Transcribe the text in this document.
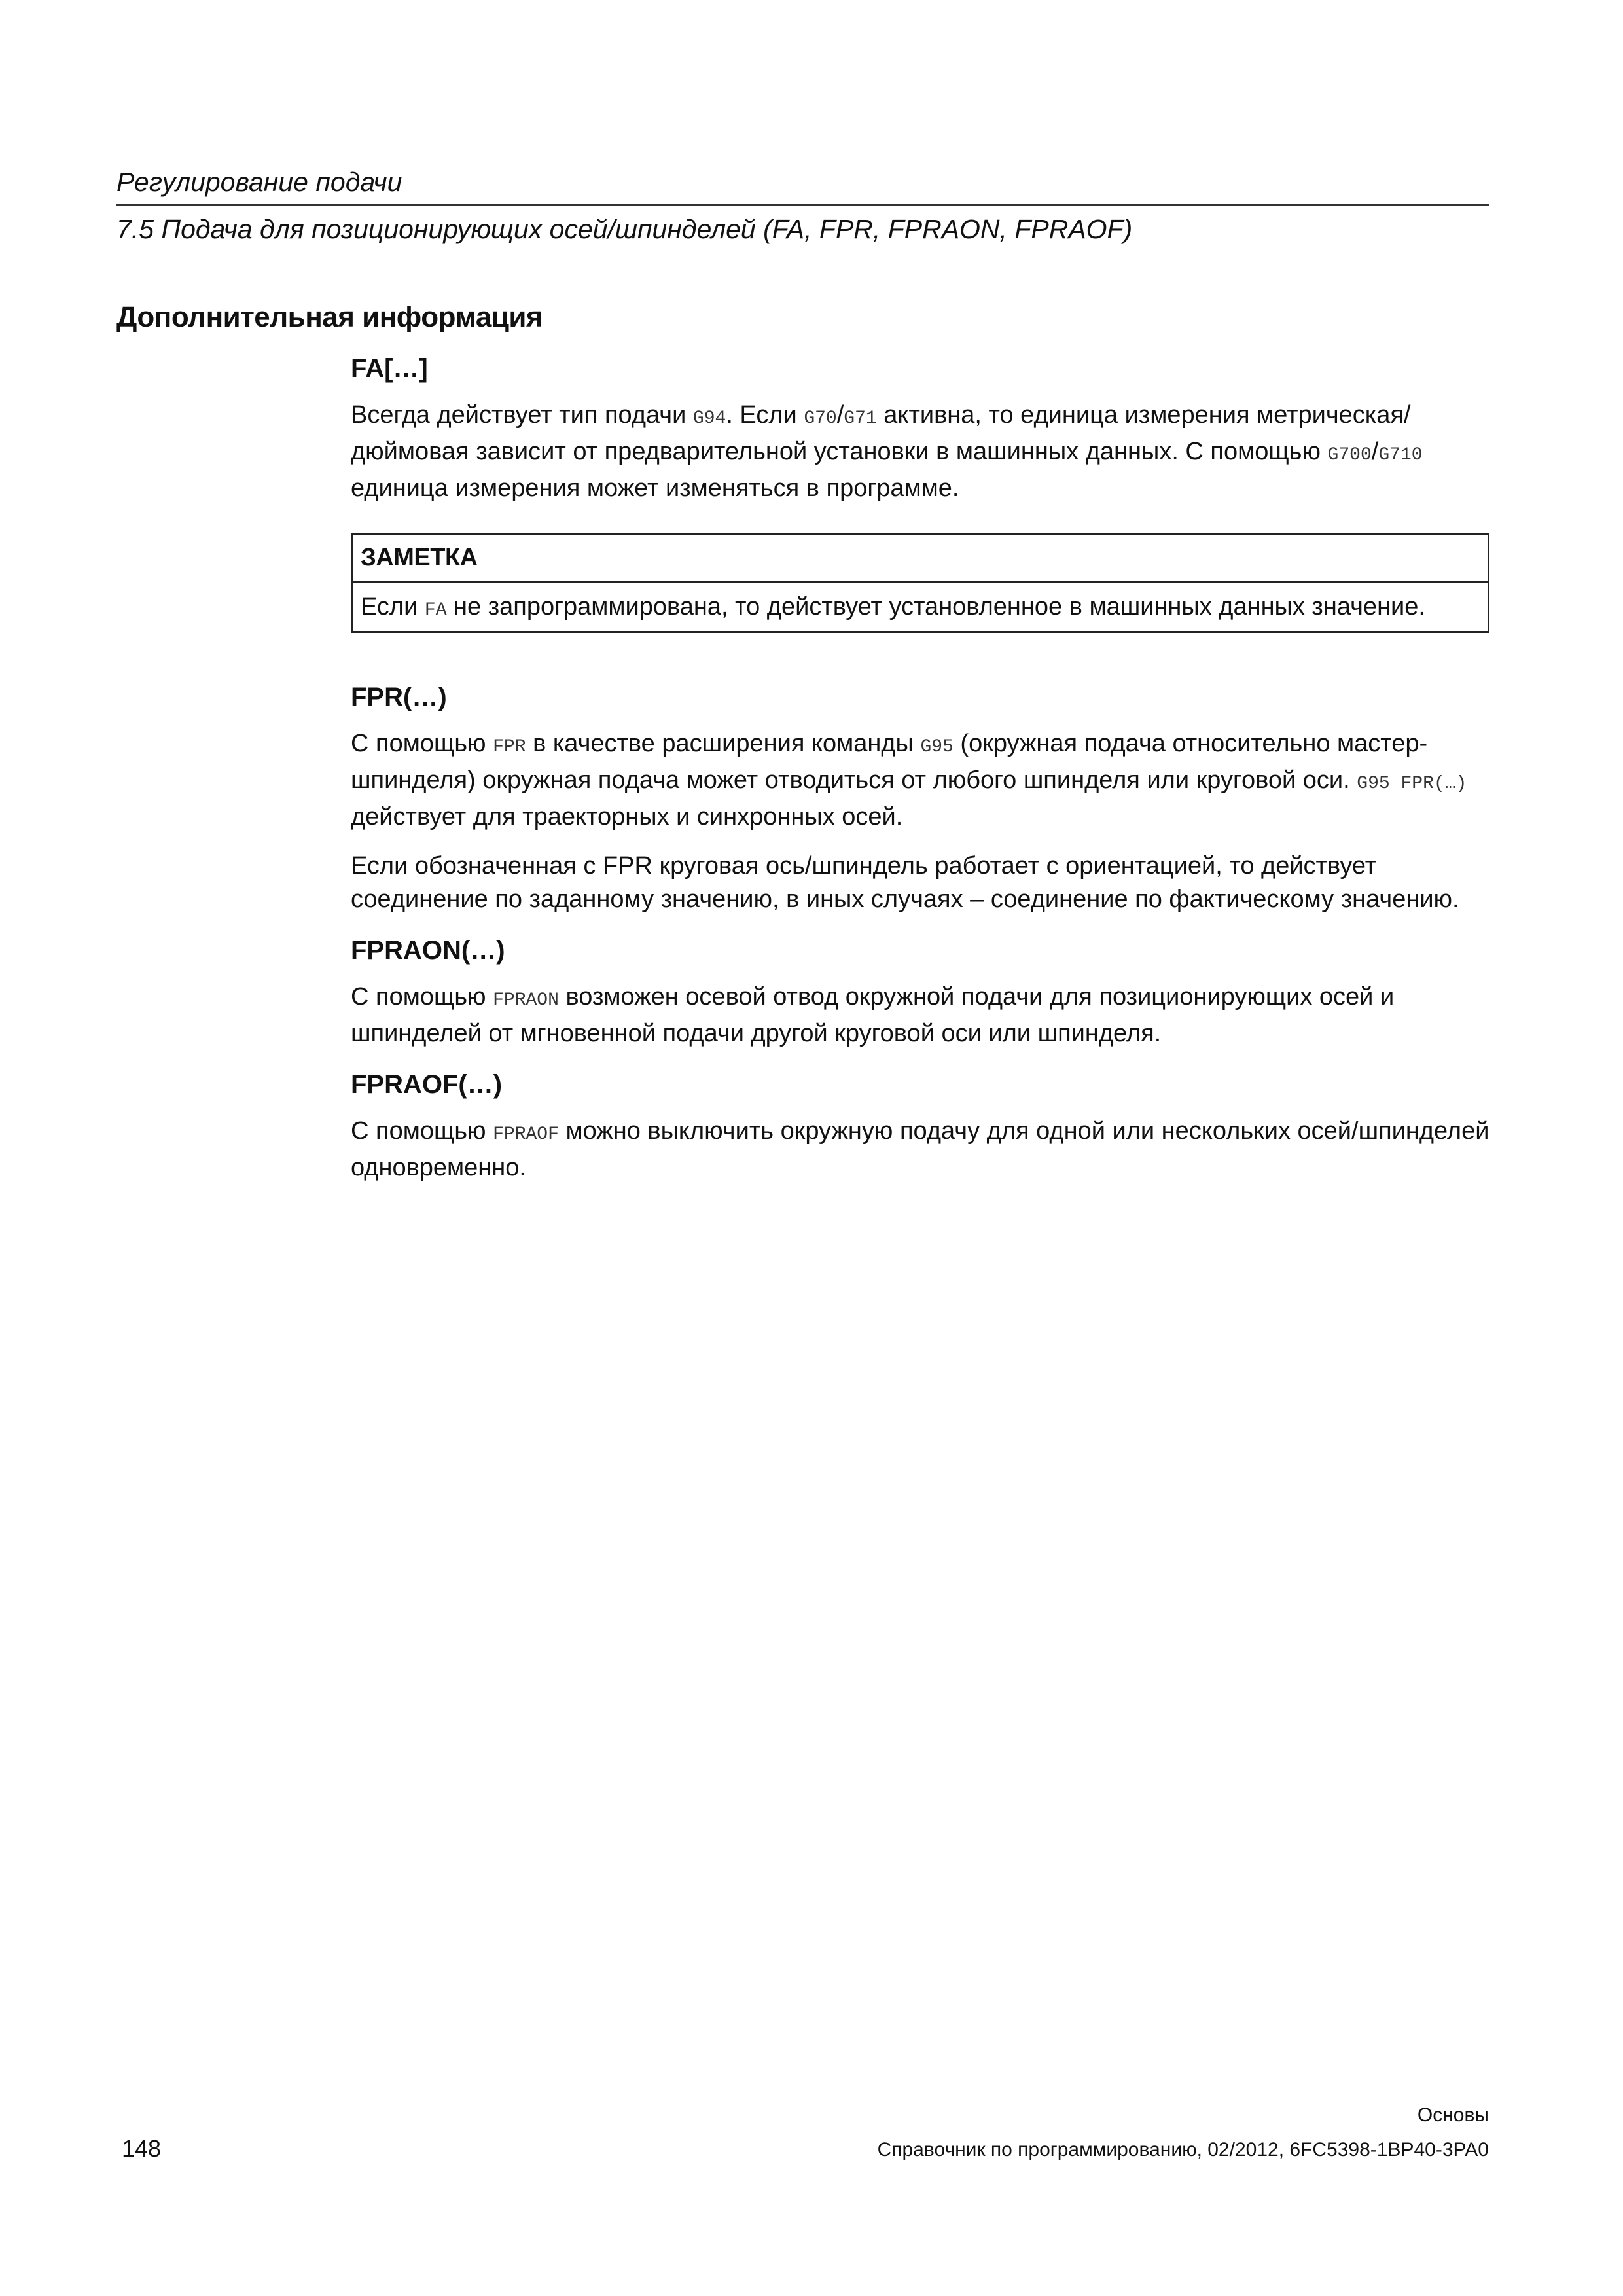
Регулирование подачи
7.5 Подача для позиционирующих осей/шпинделей (FA, FPR, FPRAON, FPRAOF)
Дополнительная информация
FA[…]

Всегда действует тип подачи G94. Если G70/G71 активна, то единица измерения метрическая/дюймовая зависит от предварительной установки в машинных данных. С помощью G700/G710 единица измерения может изменяться в программе.

ЗАМЕТКА
Если FA не запрограммирована, то действует установленное в машинных данных значение.
FPR(…)

С помощью FPR в качестве расширения команды G95 (окружная подача относительно мастер-шпинделя) окружная подача может отводиться от любого шпинделя или круговой оси. G95 FPR(…) действует для траекторных и синхронных осей.

Если обозначенная с FPR круговая ось/шпиндель работает с ориентацией, то действует соединение по заданному значению, в иных случаях – соединение по фактическому значению.

FPRAON(…)

С помощью FPRAON возможен осевой отвод окружной подачи для позиционирующих осей и шпинделей от мгновенной подачи другой круговой оси или шпинделя.

FPRAOF(…)

С помощью FPRAOF можно выключить окружную подачу для одной или нескольких осей/шпинделей одновременно.

Основы
Справочник по программированию, 02/2012, 6FC5398-1BP40-3PA0
148
